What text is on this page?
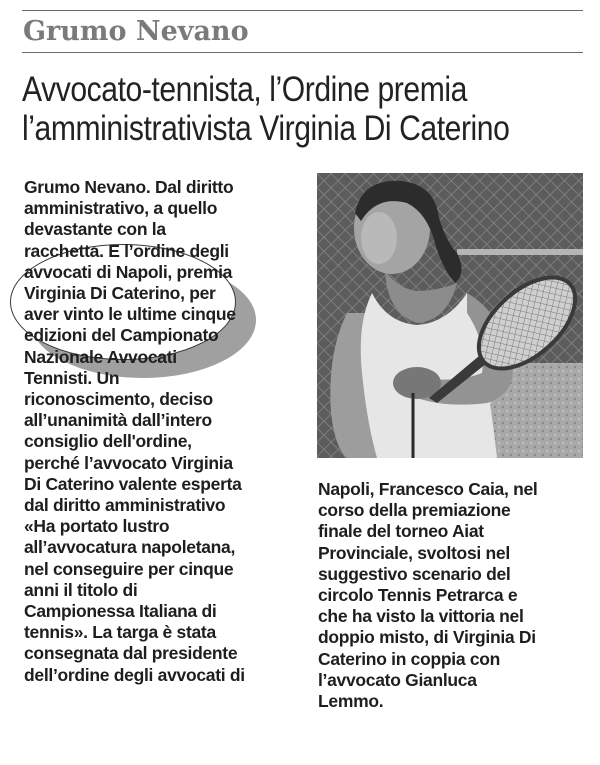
Grumo Nevano
Avvocato-tennista, l’Ordine premia
l’amministrativista Virginia Di Caterino
Grumo Nevano. Dal diritto
amministrativo, a quello
devastante con la
racchetta. E l’ordine degli
avvocati di Napoli, premia
Virginia Di Caterino, per
aver vinto le ultime cinque
edizioni del Campionato
Nazionale Avvocati
Tennisti. Un
riconoscimento, deciso
all’unanimità dall’intero
consiglio dell'ordine,
perché l’avvocato Virginia
Di Caterino valente esperta
dal diritto amministrativo
«Ha portato lustro
all’avvocatura napoletana,
nel conseguire per cinque
anni il titolo di
Campionessa Italiana di
tennis». La targa è stata
consegnata dal presidente
dell’ordine degli avvocati di
Napoli, Francesco Caia, nel
corso della premiazione
finale del torneo Aiat
Provinciale, svoltosi nel
suggestivo scenario del
circolo Tennis Petrarca e
che ha visto la vittoria nel
doppio misto, di Virginia Di
Caterino in coppia con
l’avvocato Gianluca
Lemmo.
